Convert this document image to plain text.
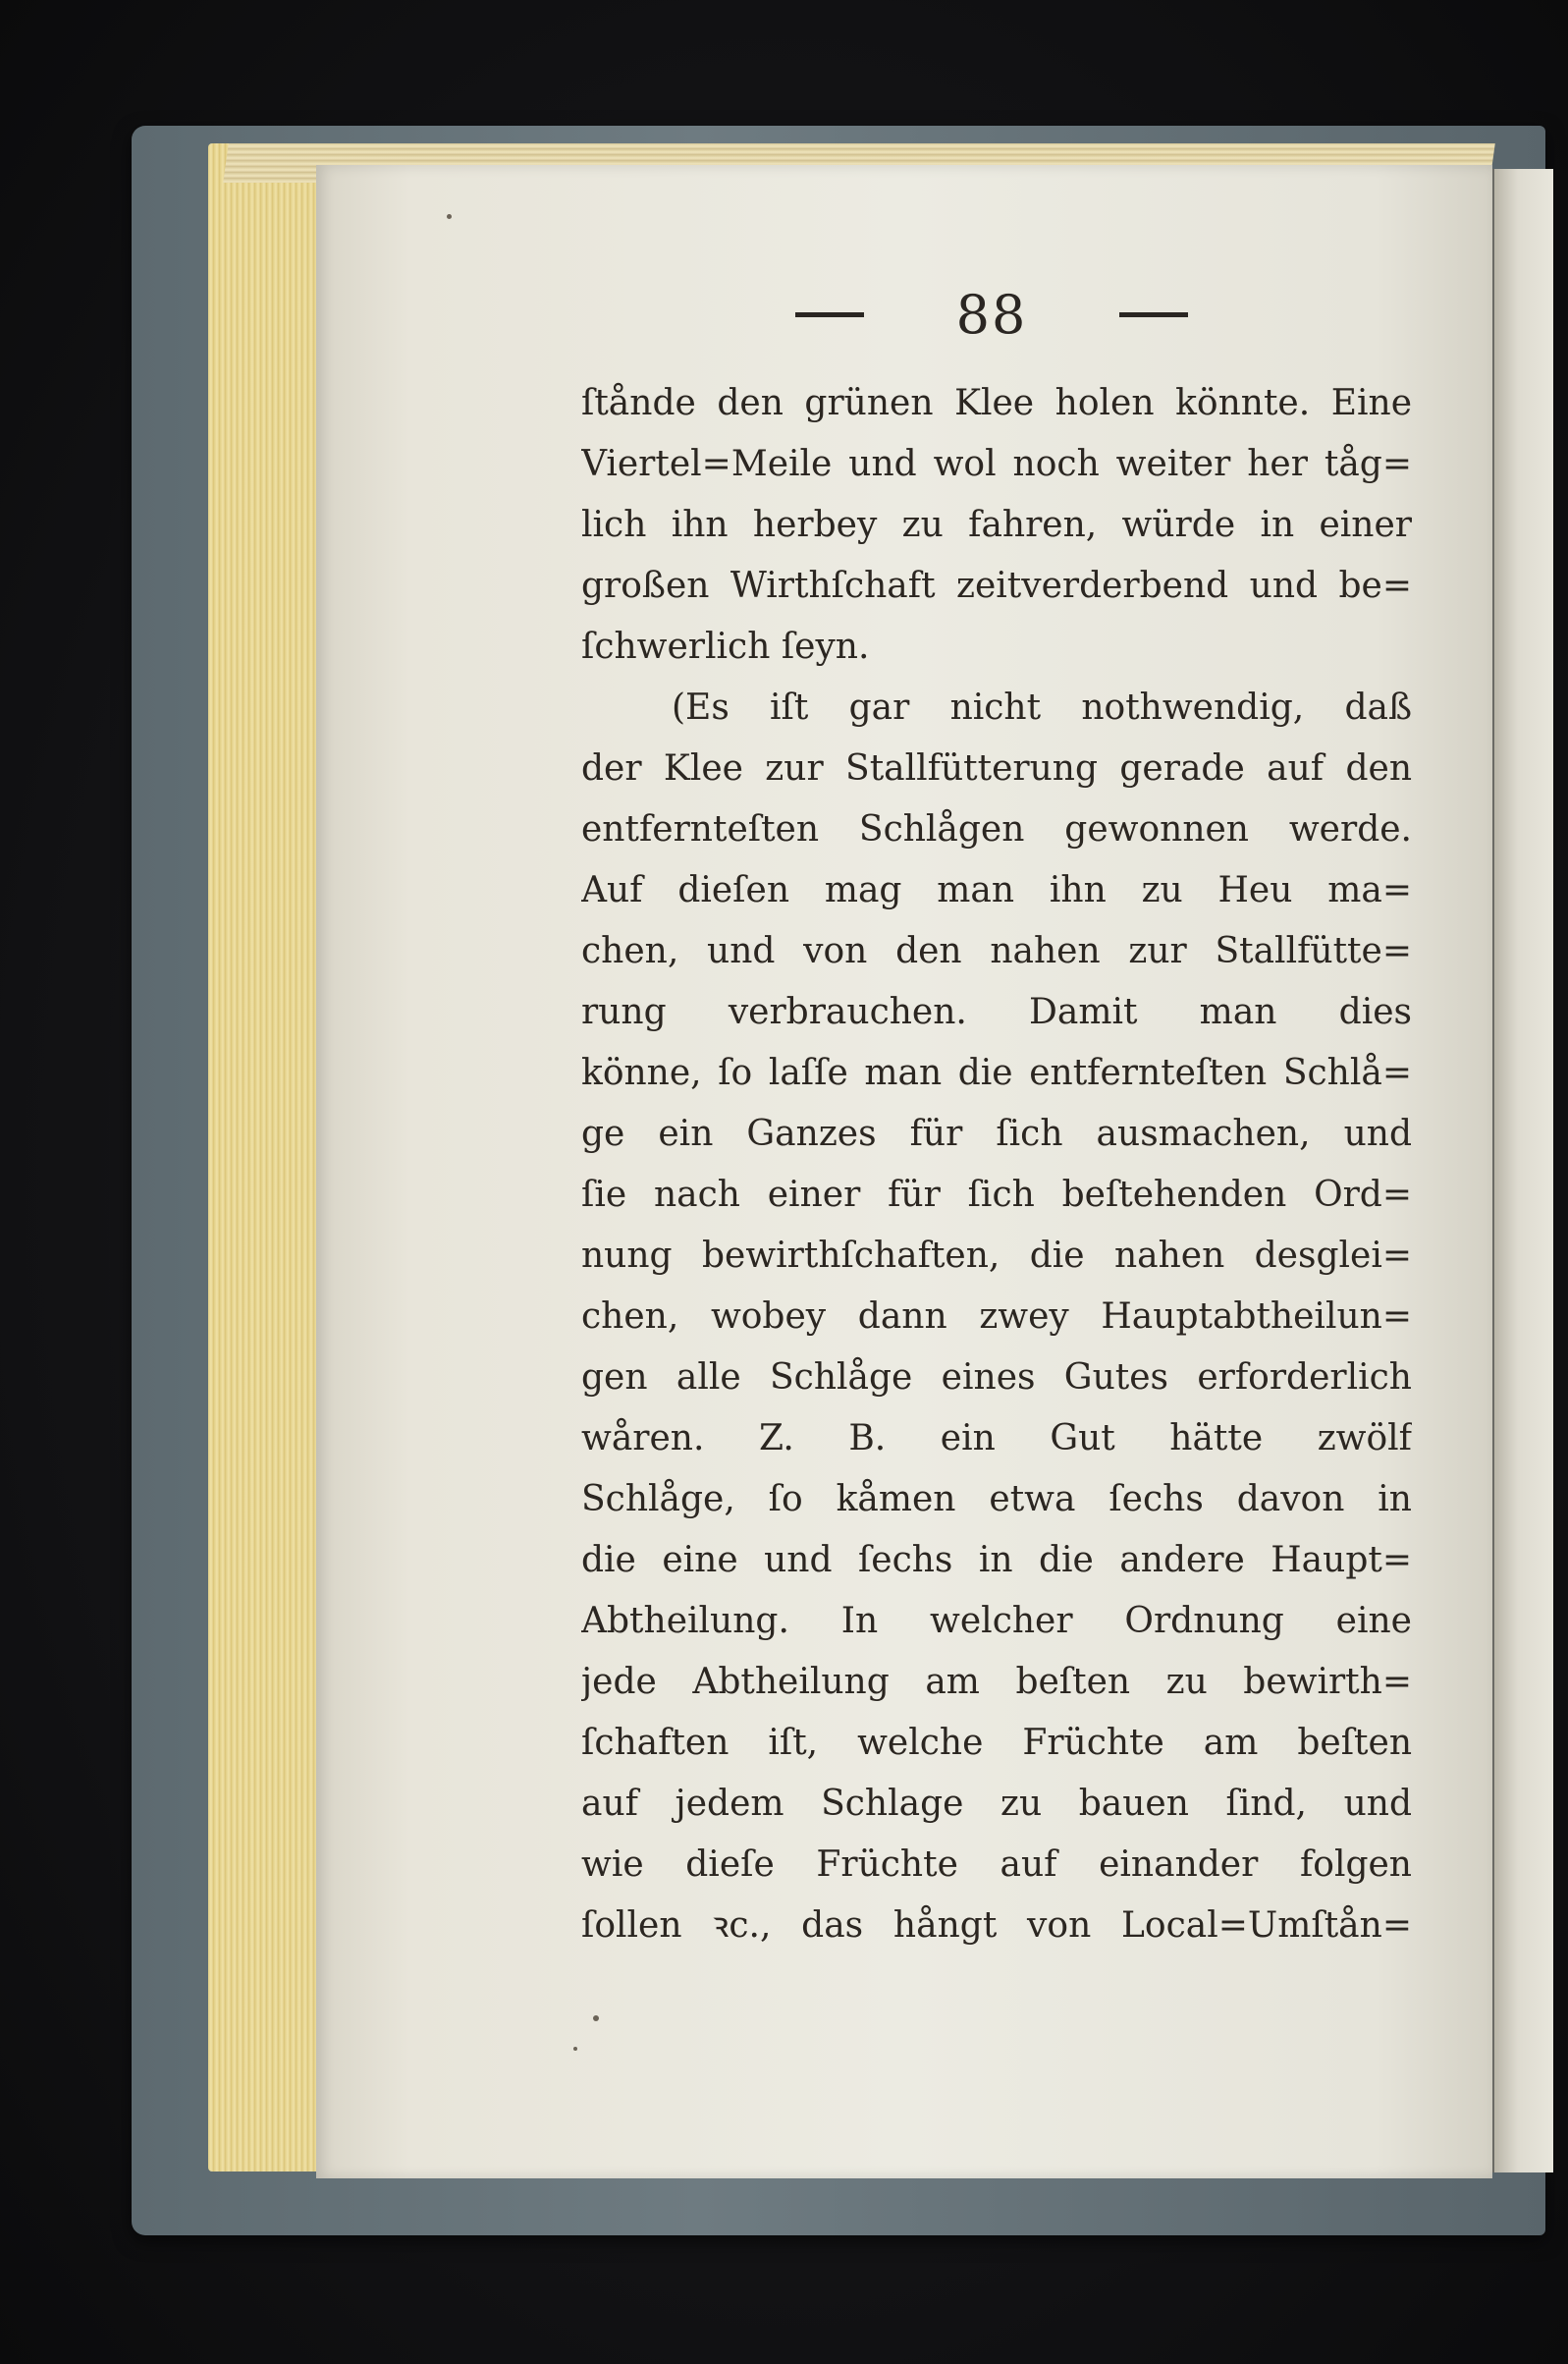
88
ſtånde den grünen Klee holen könnte. Eine
Viertel=Meile und wol noch weiter her tåg=
lich ihn herbey zu fahren, würde in einer
großen Wirthſchaft zeitverderbend und be=
ſchwerlich ſeyn.
(Es iſt gar nicht nothwendig, daß
der Klee zur Stallfütterung gerade auf den
entfernteſten Schlågen gewonnen werde.
Auf dieſen mag man ihn zu Heu ma=
chen, und von den nahen zur Stallfütte=
rung verbrauchen. Damit man dies
könne, ſo laſſe man die entfernteſten Schlå=
ge ein Ganzes für ſich ausmachen, und
ſie nach einer für ſich beſtehenden Ord=
nung bewirthſchaften, die nahen desglei=
chen, wobey dann zwey Hauptabtheilun=
gen alle Schlåge eines Gutes erforderlich
wåren. Z. B. ein Gut hätte zwölf
Schlåge, ſo kåmen etwa ſechs davon in
die eine und ſechs in die andere Haupt=
Abtheilung. In welcher Ordnung eine
jede Abtheilung am beſten zu bewirth=
ſchaften iſt, welche Früchte am beſten
auf jedem Schlage zu bauen ſind, und
wie dieſe Früchte auf einander folgen
ſollen ꝛc., das hångt von Local=Umſtån=
